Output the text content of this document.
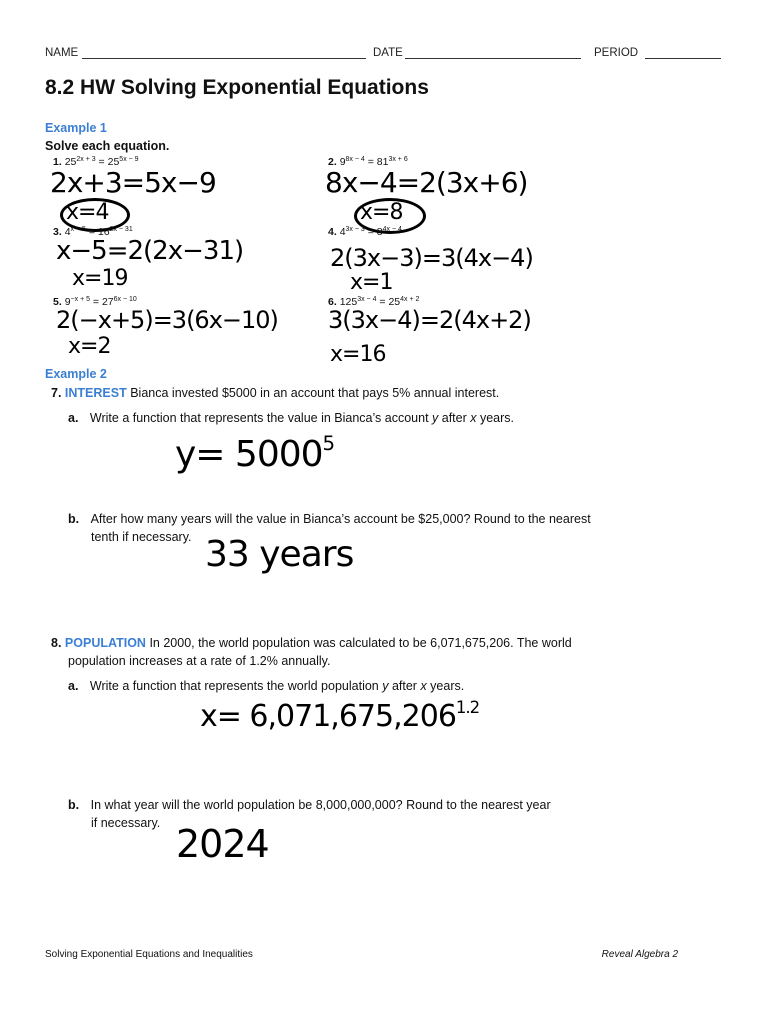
NAME	DATE	PERIOD
8.2 HW Solving Exponential Equations
Example 1
Solve each equation.
1. $25^{2x + 3} = 25^{5x - 9}$
2x+3=5x−9
x=4
2. $9^{8x - 4} = 81^{3x + 6}$
8x−4=2(3x+6)
x=8
3. $4^{x - 5} = 16^{2x - 31}$
x−5=2(2x−31)
x=19
4. $4^{3x - 3} = 8^{4x - 4}$
2(3x−3)=3(4x−4)
x=1
5. $9^{-x + 5} = 27^{6x - 10}$
2(−x+5)=3(6x−10)
x=2
6. $125^{3x - 4} = 25^{4x + 2}$
3(3x−4)=2(4x+2)
x=16
Example 2
7. INTEREST Bianca invested $5000 in an account that pays 5% annual interest.
a. Write a function that represents the value in Bianca’s account y after x years.
$y= 5000^5$
b. After how many years will the value in Bianca’s account be $25,000? Round to the nearest
tenth if necessary. 33 years
8. POPULATION In 2000, the world population was calculated to be 6,071,675,206. The world
population increases at a rate of 1.2% annually.
a. Write a function that represents the world population y after x years.
$x= 6,071,675,206^{1.2}$
b. In what year will the world population be 8,000,000,000? Round to the nearest year
if necessary. 2024
Solving Exponential Equations and Inequalities	Reveal Algebra 2
